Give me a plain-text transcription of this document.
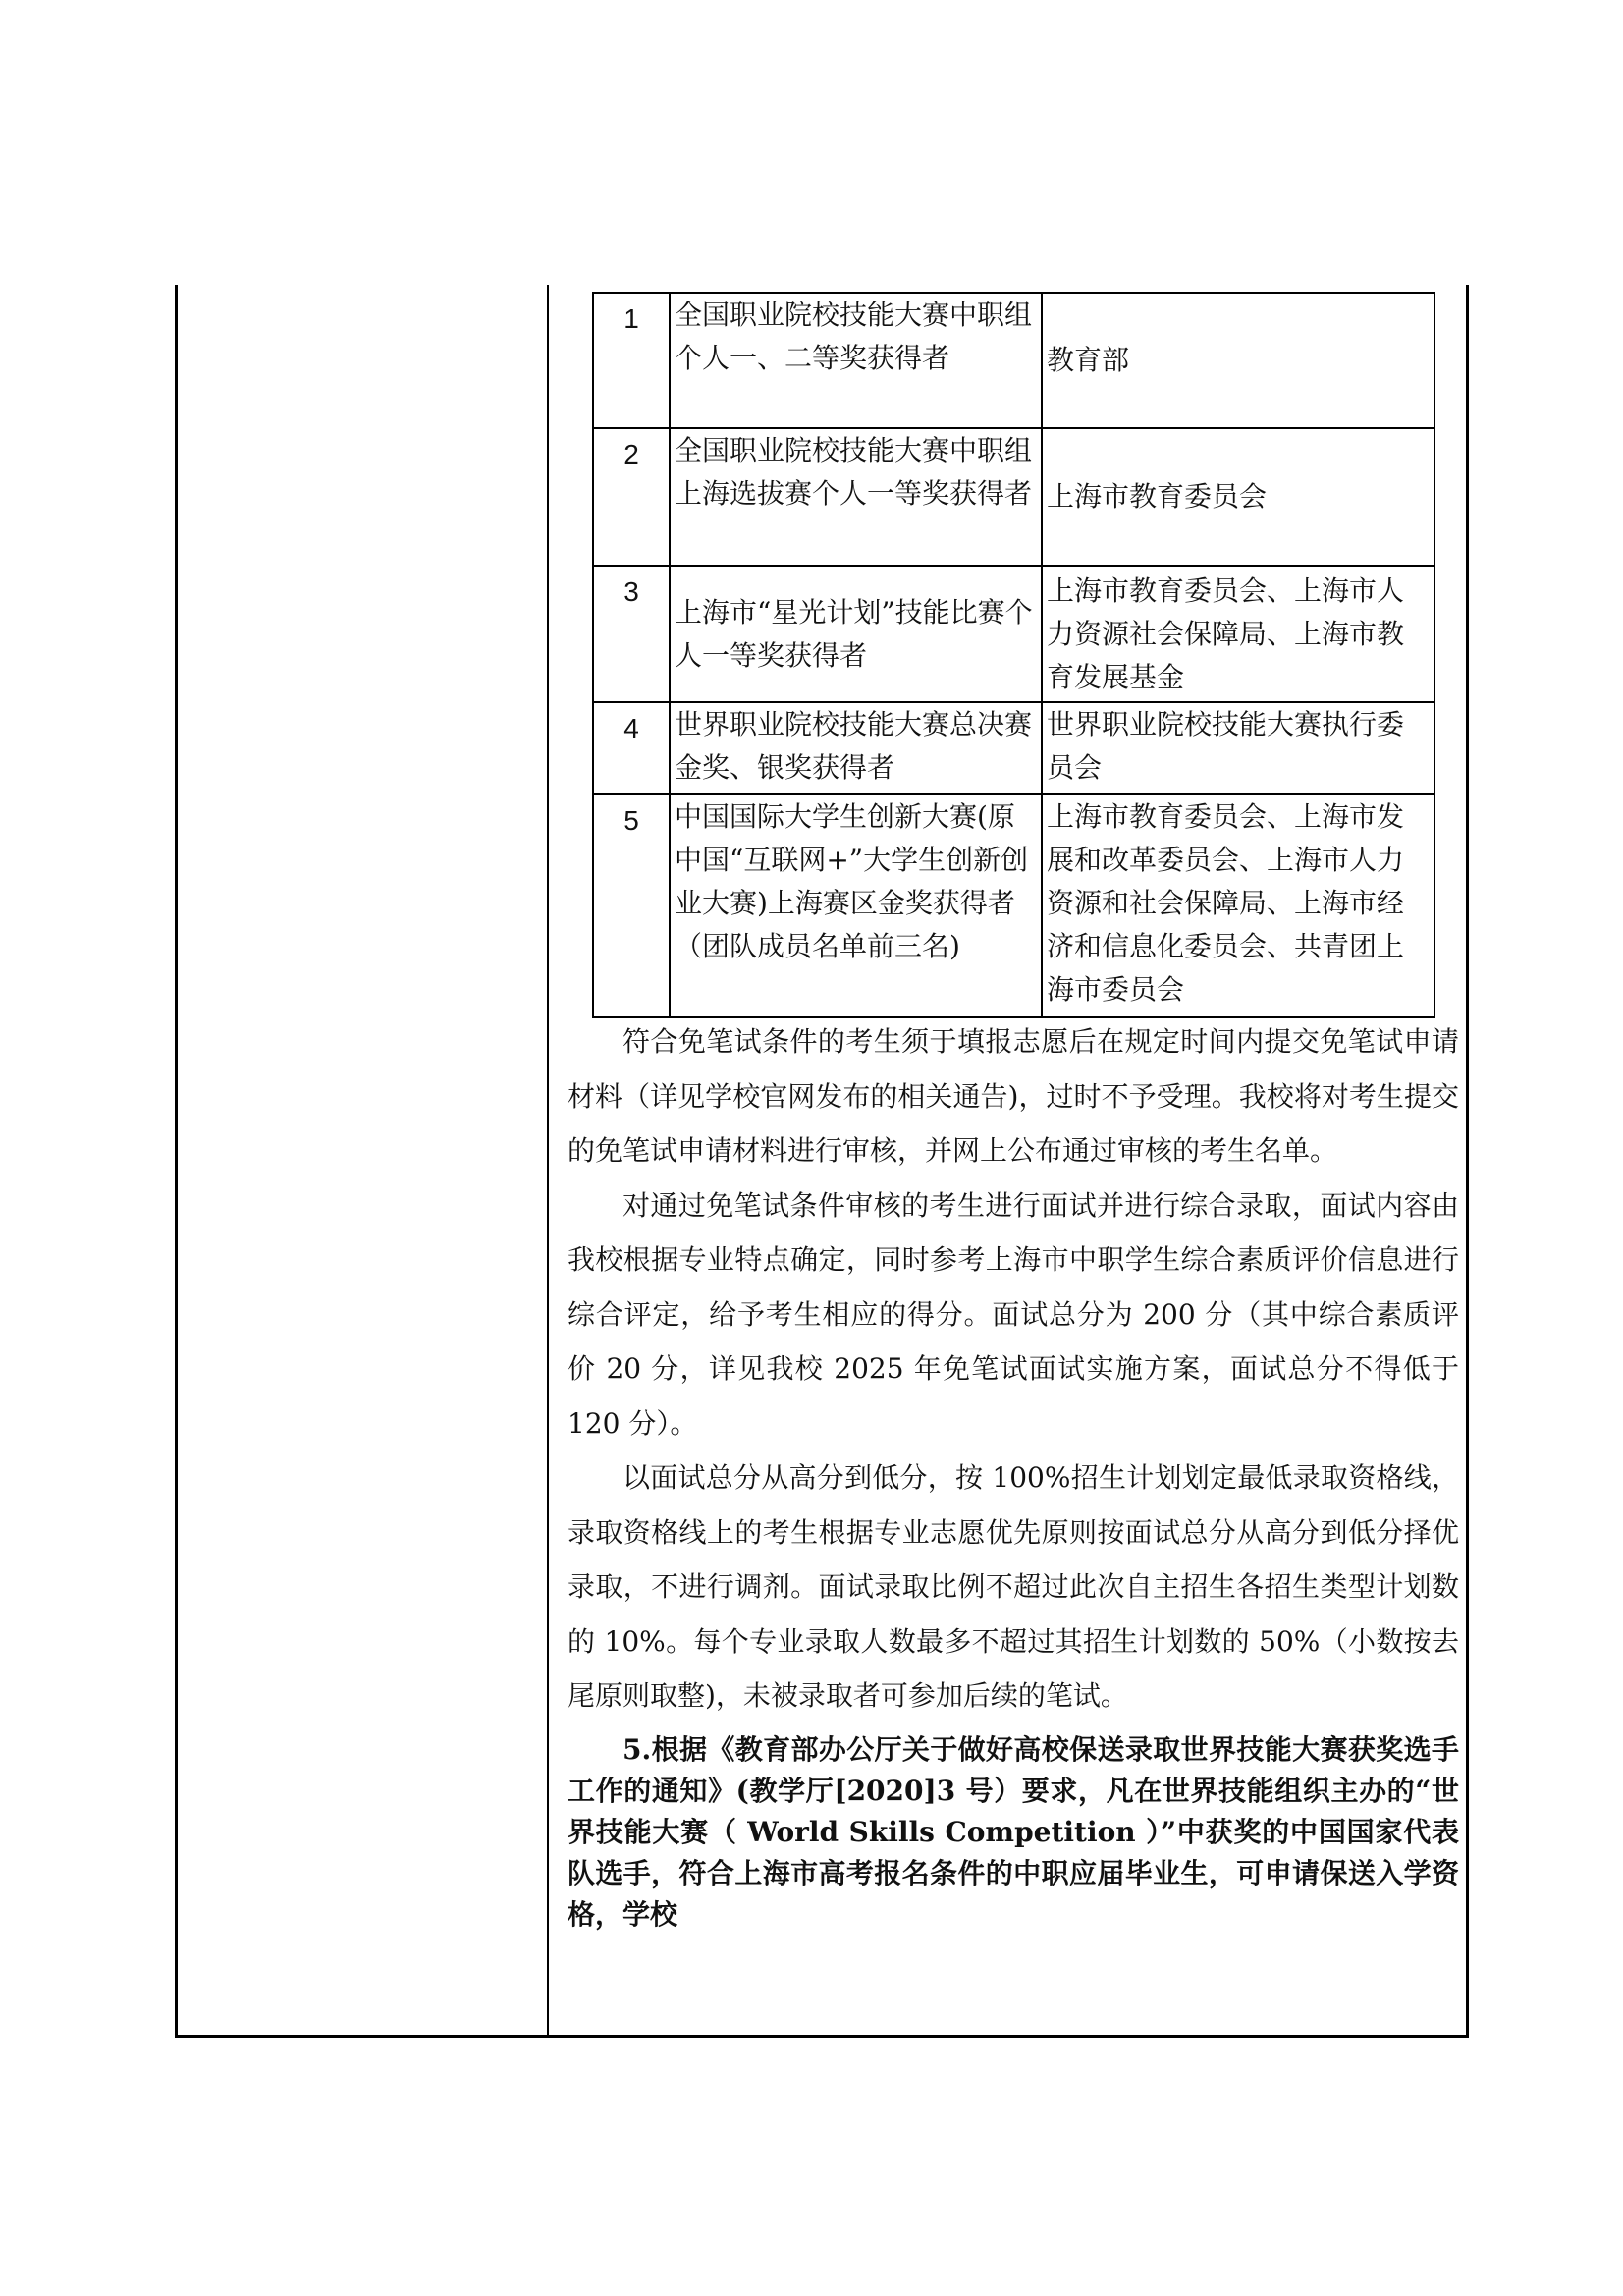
1	全国职业院校技能大赛中职组个人一、二等奖获得者	教育部
2	全国职业院校技能大赛中职组上海选拔赛个人一等奖获得者	上海市教育委员会
3	上海市“星光计划”技能比赛个人一等奖获得者	上海市教育委员会、上海市人力资源社会保障局、上海市教育发展基金
4	世界职业院校技能大赛总决赛金奖、银奖获得者	世界职业院校技能大赛执行委员会
5	中国国际大学生创新大赛(原中国“互联网+”大学生创新创业大赛)上海赛区金奖获得者（团队成员名单前三名)	上海市教育委员会、上海市发展和改革委员会、上海市人力资源和社会保障局、上海市经济和信息化委员会、共青团上海市委员会

符合免笔试条件的考生须于填报志愿后在规定时间内提交免笔试申请材料（详见学校官网发布的相关通告)，过时不予受理。我校将对考生提交的免笔试申请材料进行审核，并网上公布通过审核的考生名单。

对通过免笔试条件审核的考生进行面试并进行综合录取，面试内容由我校根据专业特点确定，同时参考上海市中职学生综合素质评价信息进行综合评定，给予考生相应的得分。面试总分为 200 分（其中综合素质评价 20 分，详见我校 2025 年免笔试面试实施方案，面试总分不得低于 120 分）。

以面试总分从高分到低分，按 100%招生计划划定最低录取资格线，录取资格线上的考生根据专业志愿优先原则按面试总分从高分到低分择优录取，不进行调剂。面试录取比例不超过此次自主招生各招生类型计划数的 10%。每个专业录取人数最多不超过其招生计划数的 50%（小数按去尾原则取整)，未被录取者可参加后续的笔试。

5.根据《教育部办公厅关于做好高校保送录取世界技能大赛获奖选手工作的通知》(教学厅[2020]3 号）要求，凡在世界技能组织主办的“世界技能大赛（ World Skills Competition ）”中获奖的中国国家代表队选手，符合上海市高考报名条件的中职应届毕业生，可申请保送入学资格，学校
